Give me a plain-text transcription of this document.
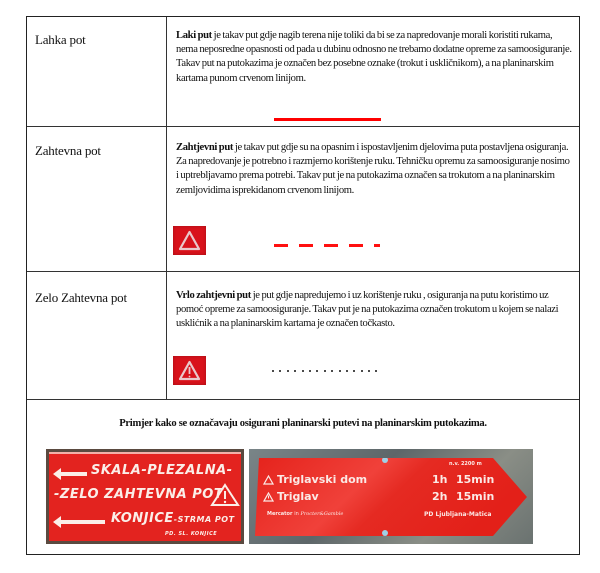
Lahka pot	Laki put je takav put gdje nagib terena nije toliki da bi se za napredovanje morali koristiti rukama, nema neposredne opasnosti od pada u dubinu odnosno ne trebamo dodatne opreme za samoosiguranje. Takav put na putokazima je označen bez posebne oznake (trokut i uskličnikom), a na planinarskim kartama punom crvenom linijom.
Zahtevna pot	Zahtjevni put je takav put gdje su na opasnim i ispostavljenim djelovima puta postavljena osiguranja. Za napredovanje je potrebno i razmjerno korištenje ruku. Tehničku opremu za samoosiguranje nosimo i uptrebljavamo prema potrebi. Takav put je na putokazima označen sa trokutom a na planinarskim zemljovidima isprekidanom crvenom linijom.
Zelo Zahtevna pot	Vrlo zahtjevni put je put gdje napredujemo i uz korištenje ruku , osiguranja na putu koristimo uz pomoć opreme za samoosiguranje. Takav put je na putokazima označen trokutom u kojem se nalazi usklićnik a na planinarskim kartama je označen točkasto.
Primjer kako se označavaju osigurani planinarski putevi na planinarskim putokazima.
SKALA-PLEZALNA-
-ZELO ZAHTEVNA POT
KONJICE-STRMA POT
PD. SL. KONJICE
n.v. 2200 m
Triglavski dom	1h 15min
Triglav	2h 15min
Mercator in Procter&Gamble	PD Ljubljana-Matica
